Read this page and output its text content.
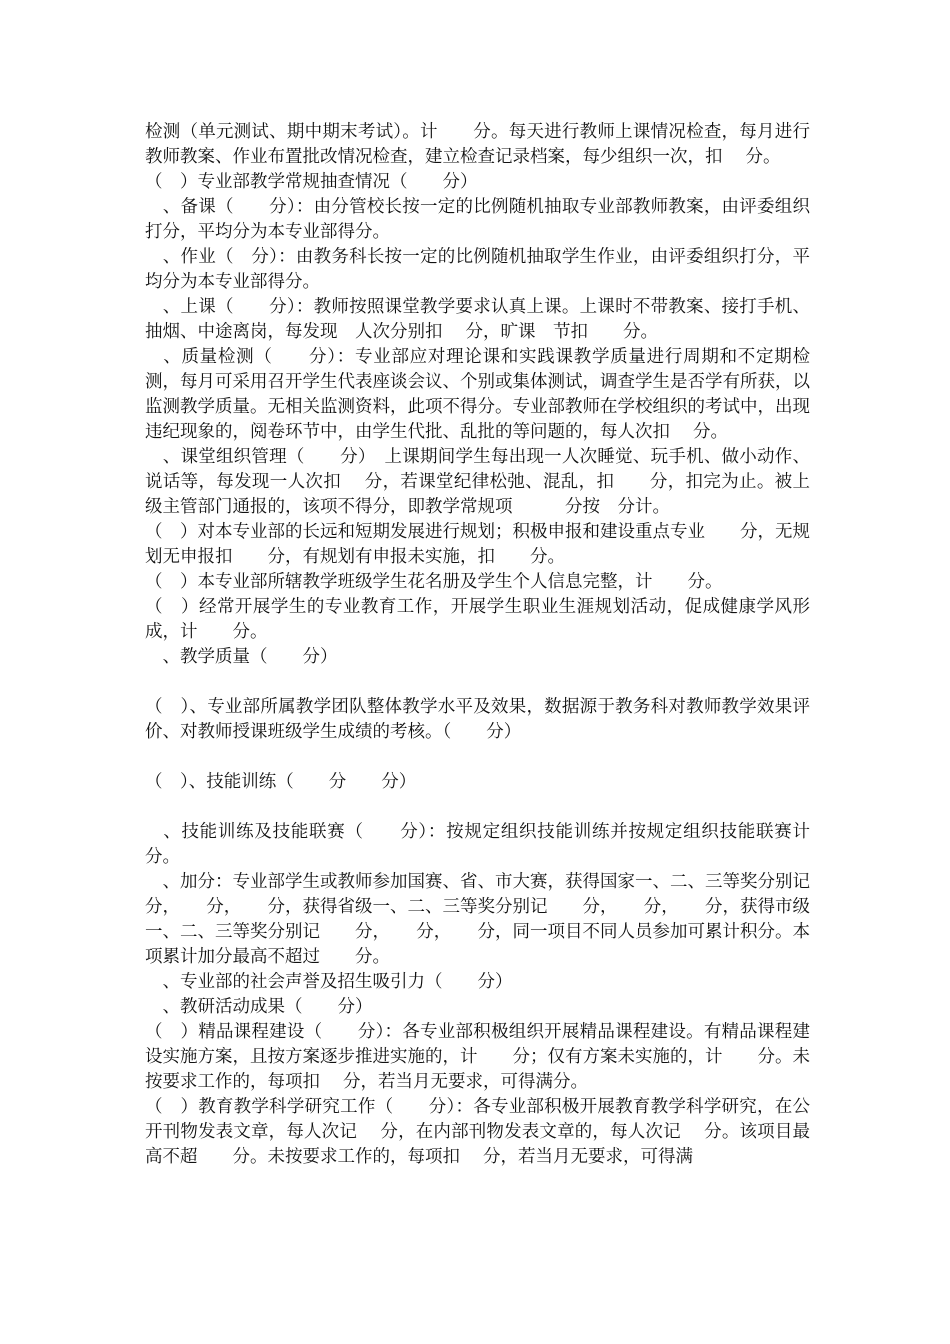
检测（单元测试、期中期末考试）。计　　分。每天进行教师上课情况检查，每月进行教师教案、作业布置批改情况检查，建立检查记录档案，每少组织一次，扣　 分。

（　）专业部教学常规抽查情况（　　分）

　、备课（　　分）：由分管校长按一定的比例随机抽取专业部教师教案，由评委组织打分，平均分为本专业部得分。

　、作业（　分）：由教务科长按一定的比例随机抽取学生作业，由评委组织打分，平均分为本专业部得分。

　、上课（　　分）：教师按照课堂教学要求认真上课。上课时不带教案、接打手机、抽烟、中途离岗，每发现　人次分别扣　 分，旷课　节扣　　分。

　、质量检测（　　分）：专业部应对理论课和实践课教学质量进行周期和不定期检测，每月可采用召开学生代表座谈会议、个别或集体测试，调查学生是否学有所获，以监测教学质量。无相关监测资料，此项不得分。专业部教师在学校组织的考试中，出现违纪现象的，阅卷环节中，由学生代批、乱批的等问题的，每人次扣　 分。

　、课堂组织管理（　　分）　上课期间学生每出现一人次睡觉、玩手机、做小动作、说话等，每发现一人次扣　 分，若课堂纪律松弛、混乱，扣　　分，扣完为止。被上级主管部门通报的，该项不得分，即教学常规项　　　分按　分计。

（　）对本专业部的长远和短期发展进行规划；积极申报和建设重点专业　　分，无规划无申报扣　　分，有规划有申报未实施，扣　　分。

（　）本专业部所辖教学班级学生花名册及学生个人信息完整，计　　分。

（　）经常开展学生的专业教育工作，开展学生职业生涯规划活动，促成健康学风形成，计　　分。

　、教学质量（　　分）

（　）、专业部所属教学团队整体教学水平及效果，数据源于教务科对教师教学效果评价、对教师授课班级学生成绩的考核。（　　分）

（　）、技能训练（　　分　　分）

　、技能训练及技能联赛（　　分）：按规定组织技能训练并按规定组织技能联赛计　　分。

　、加分：专业部学生或教师参加国赛、省、市大赛，获得国家一、二、三等奖分别记　　分，　　分，　　分，获得省级一、二、三等奖分别记　　分，　　分，　　分，获得市级一、二、三等奖分别记　　分，　　分，　　分，同一项目不同人员参加可累计积分。本项累计加分最高不超过　　分。

　、专业部的社会声誉及招生吸引力（　　分）

　、教研活动成果（　　分）

（　）精品课程建设（　　分）：各专业部积极组织开展精品课程建设。有精品课程建设实施方案，且按方案逐步推进实施的，计　　分；仅有方案未实施的，计　　分。未按要求工作的，每项扣　 分，若当月无要求，可得满分。

（　）教育教学科学研究工作（　　分）：各专业部积极开展教育教学科学研究，在公开刊物发表文章，每人次记　 分，在内部刊物发表文章的，每人次记　 分。该项目最高不超　　分。未按要求工作的，每项扣　 分，若当月无要求，可得满
